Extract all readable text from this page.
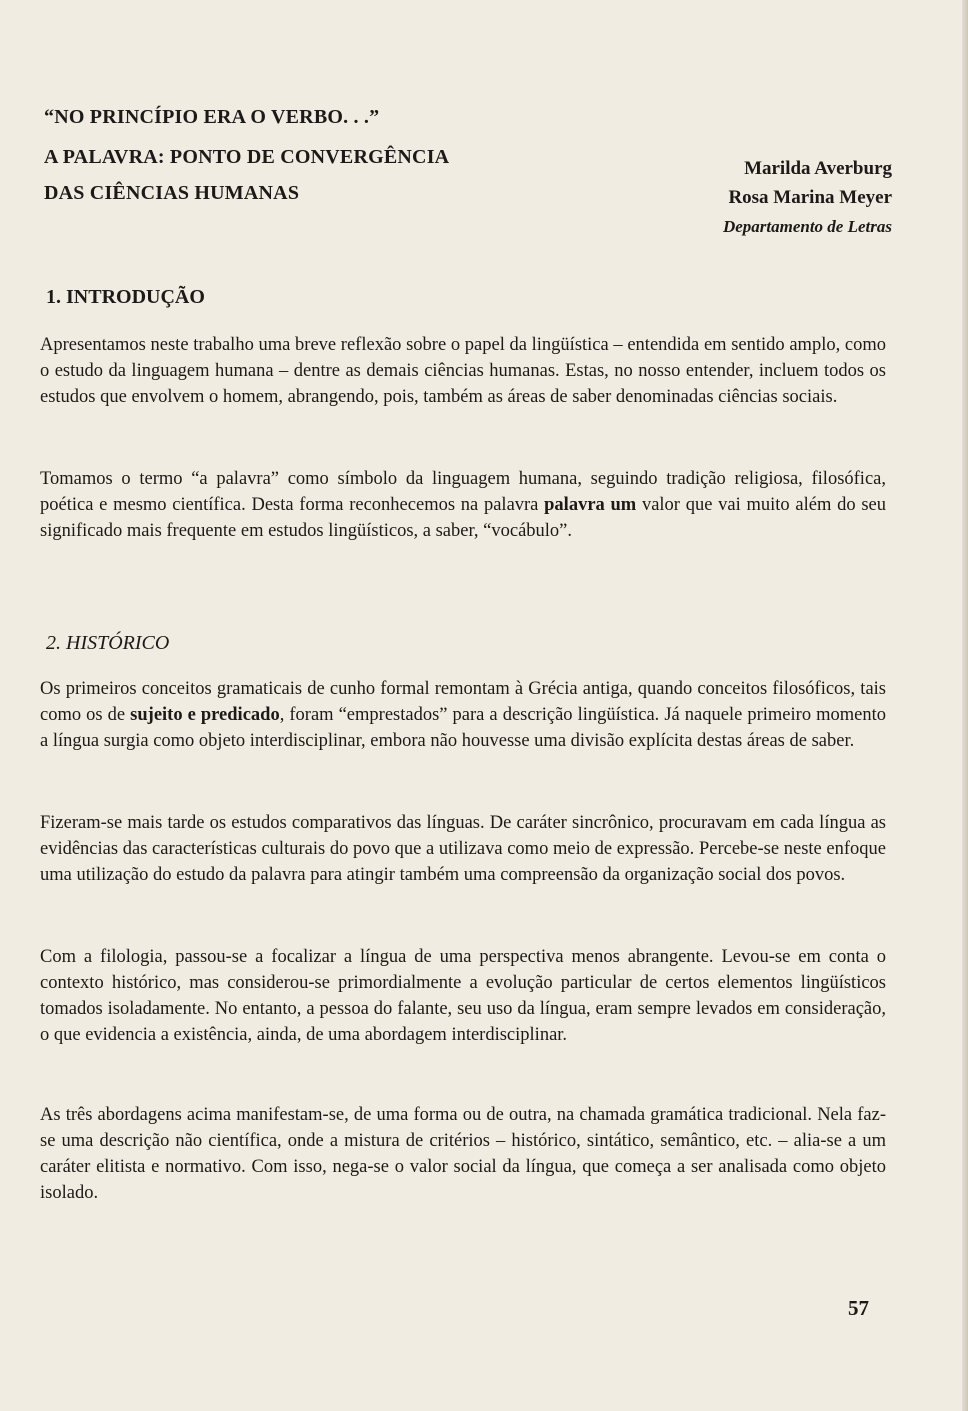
“NO PRINCÍPIO ERA O VERBO. . .”
A PALAVRA: PONTO DE CONVERGÊNCIA
DAS CIÊNCIAS HUMANAS
Marilda Averburg
Rosa Marina Meyer
Departamento de Letras
1. INTRODUÇÃO

Apresentamos neste trabalho uma breve reflexão sobre o papel da lingüística – entendida em sentido amplo, como o estudo da linguagem humana – dentre as demais ciências humanas. Estas, no nosso entender, incluem todos os estudos que envolvem o homem, abrangendo, pois, também as áreas de saber denominadas ciências sociais.

Tomamos o termo “a palavra” como símbolo da linguagem humana, seguindo tradição religiosa, filosófica, poética e mesmo científica. Desta forma reconhecemos na palavra palavra um valor que vai muito além do seu significado mais frequente em estudos lingüísticos, a saber, “vocábulo”.

2. HISTÓRICO

Os primeiros conceitos gramaticais de cunho formal remontam à Grécia antiga, quando conceitos filosóficos, tais como os de sujeito e predicado, foram “emprestados” para a descrição lingüística. Já naquele primeiro momento a língua surgia como objeto interdisciplinar, embora não houvesse uma divisão explícita destas áreas de saber.

Fizeram-se mais tarde os estudos comparativos das línguas. De caráter sincrônico, procuravam em cada língua as evidências das características culturais do povo que a utilizava como meio de expressão. Percebe-se neste enfoque uma utilização do estudo da palavra para atingir também uma compreensão da organização social dos povos.

Com a filologia, passou-se a focalizar a língua de uma perspectiva menos abrangente. Levou-se em conta o contexto histórico, mas considerou-se primordialmente a evolução particular de certos elementos lingüísticos tomados isoladamente. No entanto, a pessoa do falante, seu uso da língua, eram sempre levados em consideração, o que evidencia a existência, ainda, de uma abordagem interdisciplinar.

As três abordagens acima manifestam-se, de uma forma ou de outra, na chamada gramática tradicional. Nela faz-se uma descrição não científica, onde a mistura de critérios – histórico, sintático, semântico, etc. – alia-se a um caráter elitista e normativo. Com isso, nega-se o valor social da língua, que começa a ser analisada como objeto isolado.

57
